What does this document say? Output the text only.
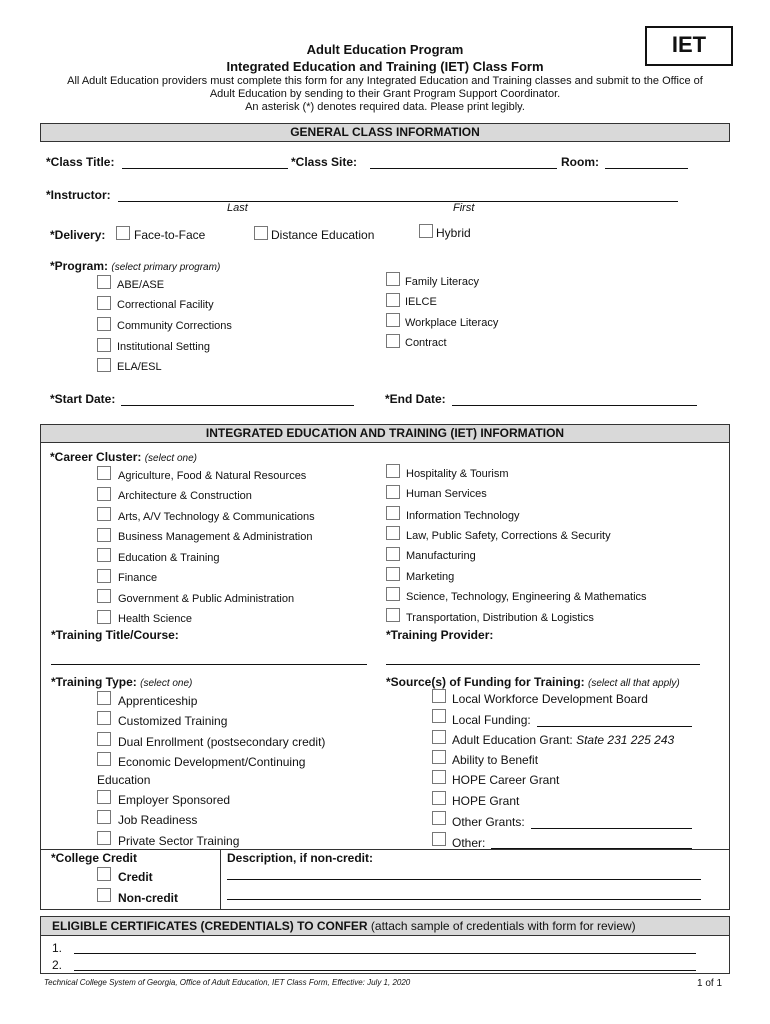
Adult Education Program
Integrated Education and Training (IET) Class Form
IET
All Adult Education providers must complete this form for any Integrated Education and Training classes and submit to the Office of
Adult Education by sending to their Grant Program Support Coordinator.
An asterisk (*) denotes required data. Please print legibly.
GENERAL CLASS INFORMATION
*Class Title:	*Class Site:	Room:
*Instructor:
Last	First
*Delivery: Face-to-Face	Distance Education	Hybrid
*Program: (select primary program)
ABE/ASE
Correctional Facility
Community Corrections
Institutional Setting
ELA/ESL
Family Literacy
IELCE
Workplace Literacy
Contract
*Start Date:	*End Date:
INTEGRATED EDUCATION AND TRAINING (IET) INFORMATION
*Career Cluster: (select one)
Agriculture, Food & Natural Resources
Architecture & Construction
Arts, A/V Technology & Communications
Business Management & Administration
Education & Training
Finance
Government & Public Administration
Health Science
Hospitality & Tourism
Human Services
Information Technology
Law, Public Safety, Corrections & Security
Manufacturing
Marketing
Science, Technology, Engineering & Mathematics
Transportation, Distribution & Logistics
*Training Title/Course:	*Training Provider:
*Training Type: (select one)
Apprenticeship
Customized Training
Dual Enrollment (postsecondary credit)
Economic Development/Continuing
Education
Employer Sponsored
Job Readiness
Private Sector Training
*Source(s) of Funding for Training: (select all that apply)
Local Workforce Development Board
Local Funding:
Adult Education Grant: State 231 225 243
Ability to Benefit
HOPE Career Grant
HOPE Grant
Other Grants:
Other:
*College Credit
Credit
Non-credit
Description, if non-credit:
ELIGIBLE CERTIFICATES (CREDENTIALS) TO CONFER (attach sample of credentials with form for review)
1.
2.
Technical College System of Georgia, Office of Adult Education, IET Class Form, Effective: July 1, 2020	1 of 1
